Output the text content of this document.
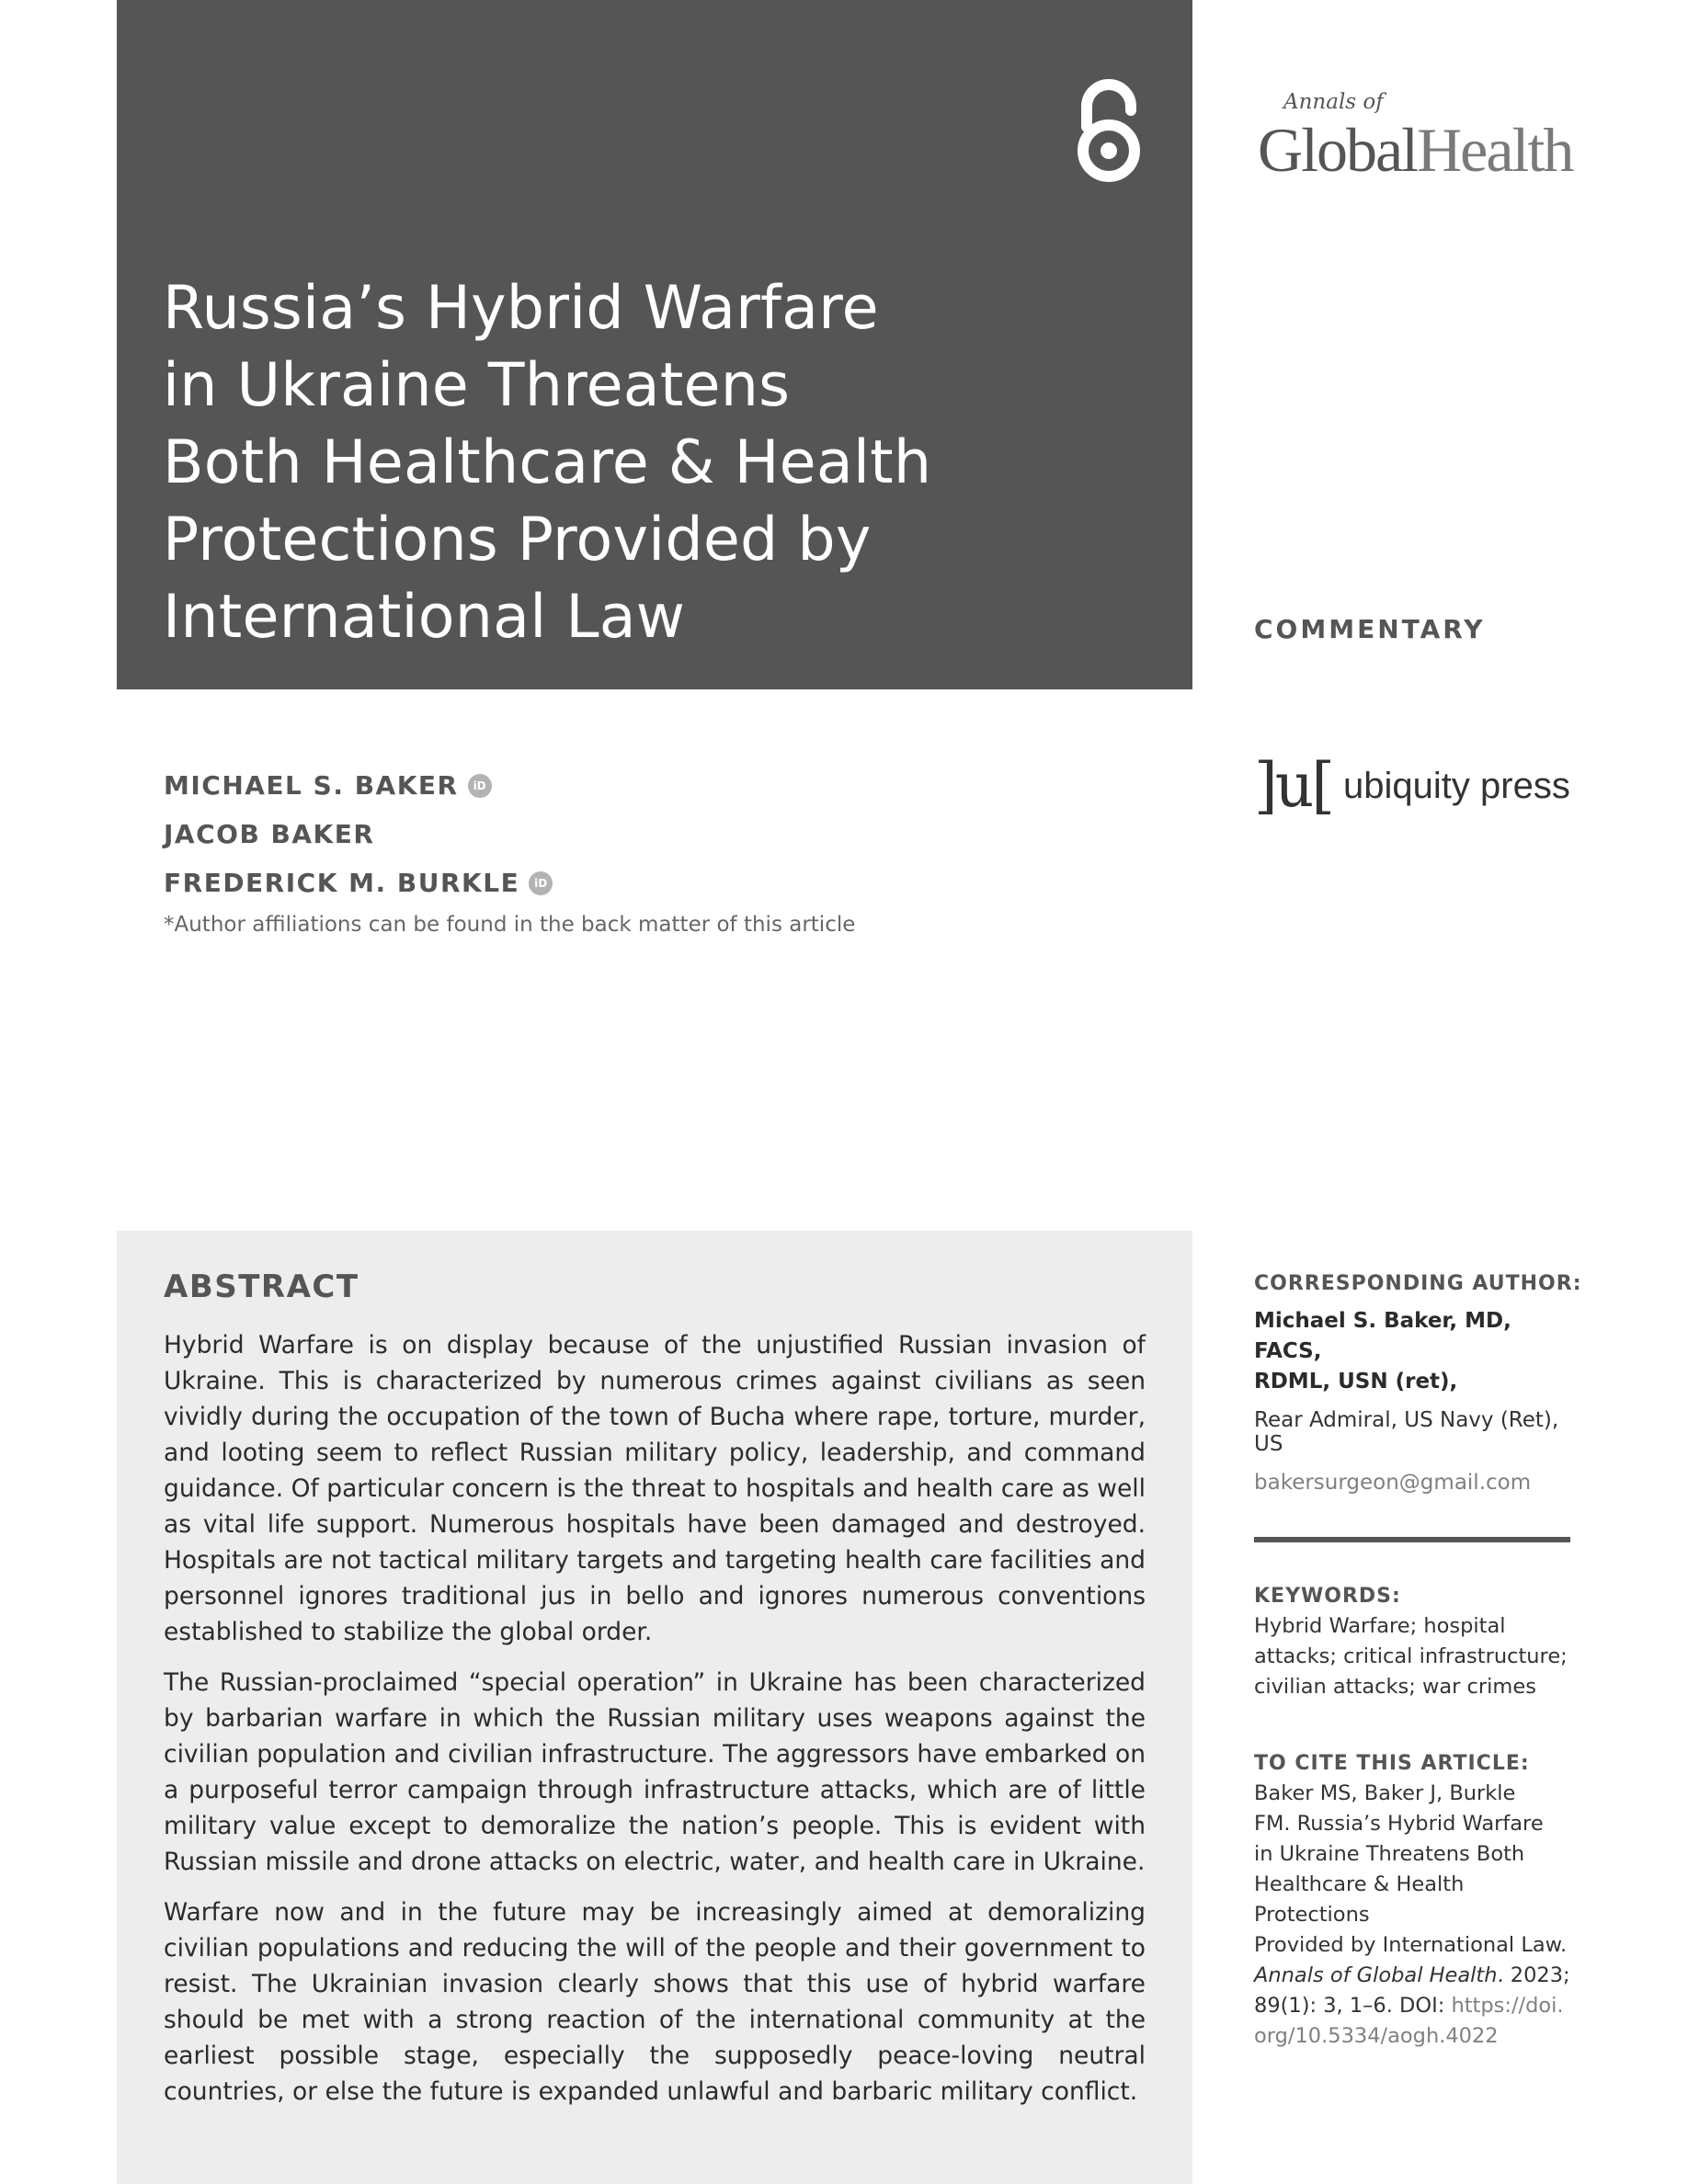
Russia’s Hybrid Warfare
in Ukraine Threatens
Both Healthcare & Health
Protections Provided by
International Law
Annals of
GlobalHealth
COMMENTARY
MICHAEL S. BAKER	iD
JACOB BAKER
FREDERICK M. BURKLE	iD
*Author affiliations can be found in the back matter of this article
]u[ ubiquity press
ABSTRACT

Hybrid Warfare is on display because of the unjustified Russian invasion of Ukraine. This is characterized by numerous crimes against civilians as seen vividly during the occupation of the town of Bucha where rape, torture, murder, and looting seem to reflect Russian military policy, leadership, and command guidance. Of particular concern is the threat to hospitals and health care as well as vital life support. Numerous hospitals have been damaged and destroyed. Hospitals are not tactical military targets and targeting health care facilities and personnel ignores traditional jus in bello and ignores numerous conventions established to stabilize the global order.

The Russian-proclaimed “special operation” in Ukraine has been characterized by barbarian warfare in which the Russian military uses weapons against the civilian population and civilian infrastructure. The aggressors have embarked on a purposeful terror campaign through infrastructure attacks, which are of little military value except to demoralize the nation’s people. This is evident with Russian missile and drone attacks on electric, water, and health care in Ukraine.

Warfare now and in the future may be increasingly aimed at demoralizing civilian populations and reducing the will of the people and their government to resist. The Ukrainian invasion clearly shows that this use of hybrid warfare should be met with a strong reaction of the international community at the earliest possible stage, especially the supposedly peace-loving neutral countries, or else the future is expanded unlawful and barbaric military conflict.

CORRESPONDING AUTHOR:
Michael S. Baker, MD, FACS,
RDML, USN (ret),
Rear Admiral, US Navy (Ret), US
bakersurgeon@gmail.com
KEYWORDS:
Hybrid Warfare; hospital
attacks; critical infrastructure;
civilian attacks; war crimes
TO CITE THIS ARTICLE:
Baker MS, Baker J, Burkle
FM. Russia’s Hybrid Warfare
in Ukraine Threatens Both
Healthcare & Health Protections
Provided by International Law.
Annals of Global Health. 2023;
89(1): 3, 1–6. DOI: https://doi.
org/10.5334/aogh.4022
